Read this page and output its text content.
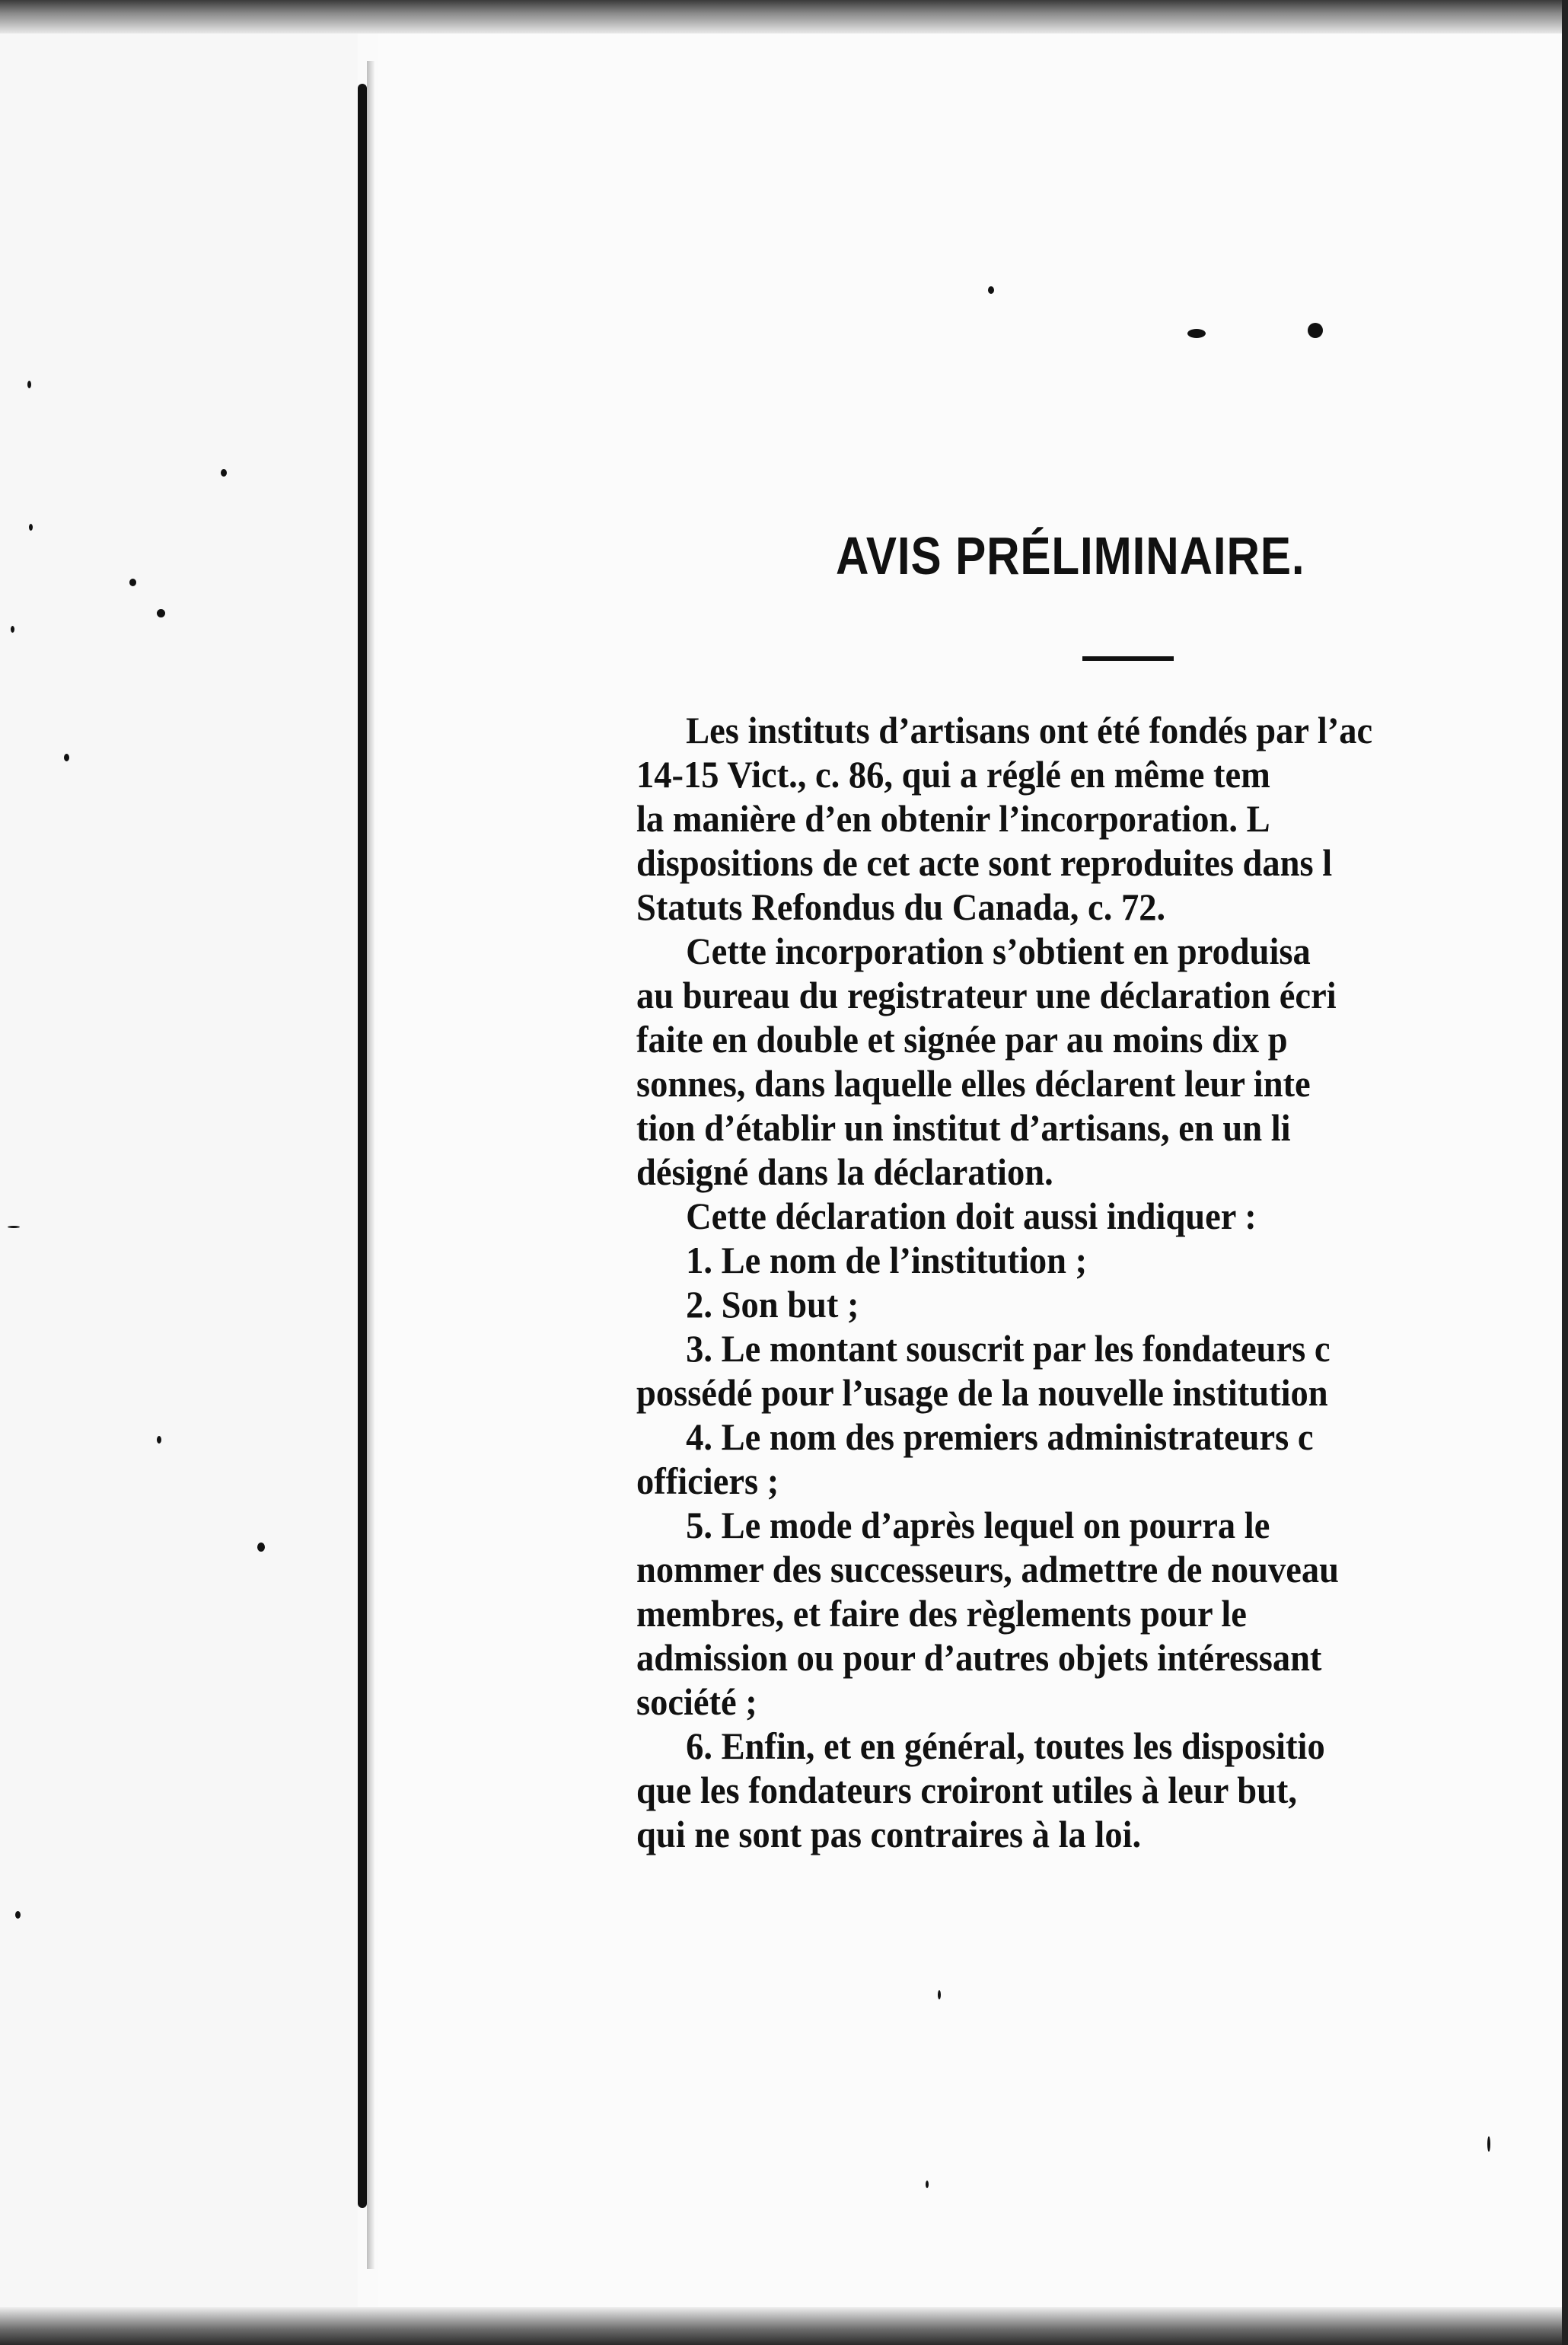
AVIS PRÉLIMINAIRE.
Les instituts d’artisans ont été fondés par l’ac
14-15 Vict., c. 86, qui a réglé en même tem
la manière d’en obtenir l’incorporation. L
dispositions de cet acte sont reproduites dans l
Statuts Refondus du Canada, c. 72.
Cette incorporation s’obtient en produisa
au bureau du registrateur une déclaration écri
faite en double et signée par au moins dix p
sonnes, dans laquelle elles déclarent leur inte
tion d’établir un institut d’artisans, en un li
désigné dans la déclaration.
Cette déclaration doit aussi indiquer :
1. Le nom de l’institution ;
2. Son but ;
3. Le montant souscrit par les fondateurs c
possédé pour l’usage de la nouvelle institution
4. Le nom des premiers administrateurs c
officiers ;
5. Le mode d’après lequel on pourra le
nommer des successeurs, admettre de nouveau
membres, et faire des règlements pour le
admission ou pour d’autres objets intéressant
société ;
6. Enfin, et en général, toutes les dispositio
que les fondateurs croiront utiles à leur but,
qui ne sont pas contraires à la loi.
